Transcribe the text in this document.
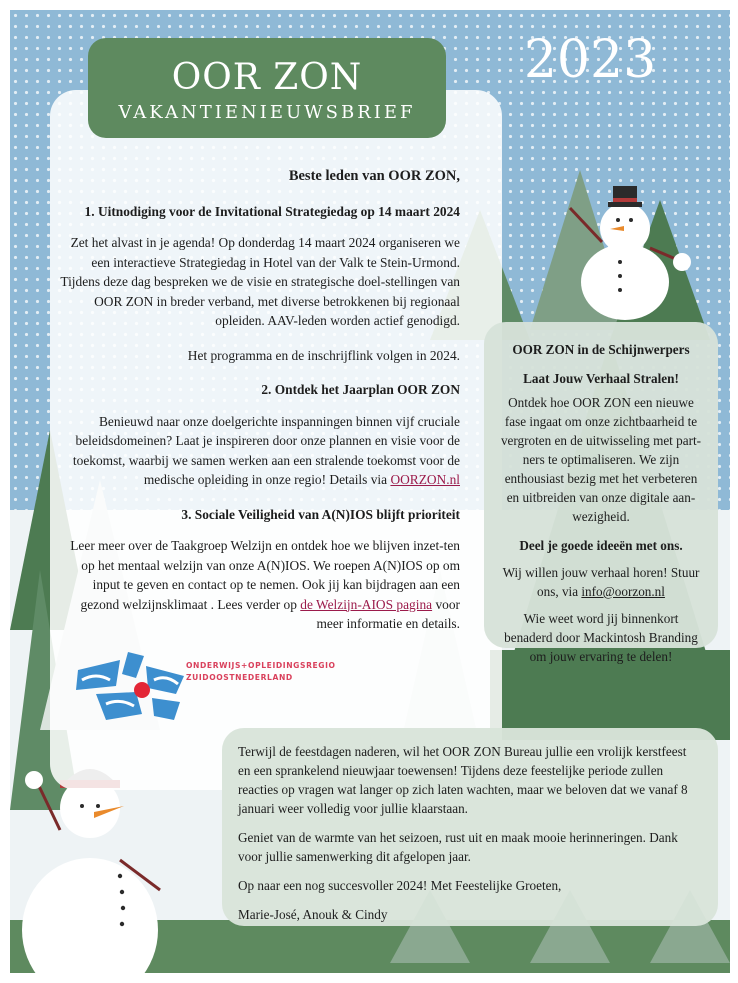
OOR ZON
VAKANTIENIEUWSBRIEF
2023

Beste leden van OOR ZON,

1. Uitnodiging voor de Invitational Strategiedag op 14 maart 2024

Zet het alvast in je agenda! Op donderdag 14 maart 2024 organiseren we een interactieve Strategiedag in Hotel van der Valk te Stein-Urmond. Tijdens deze dag bespreken we de visie en strategische doel-stellingen van OOR ZON in breder verband, met diverse betrokkenen bij regionaal opleiden. AAV-leden worden actief genodigd.

Het programma en de inschrijflink volgen in 2024.

2. Ontdek het Jaarplan OOR ZON

Benieuwd naar onze doelgerichte inspanningen binnen vijf cruciale beleidsdomeinen? Laat je inspireren door onze plannen en visie voor de toekomst, waarbij we samen werken aan een stralende toekomst voor de medische opleiding in onze regio! Details via OORZON.nl

3. Sociale Veiligheid van A(N)IOS blijft prioriteit

Leer meer over de Taakgroep Welzijn en ontdek hoe we blijven inzet-ten op het mentaal welzijn van onze A(N)IOS. We roepen A(N)IOS op om input te geven en contact op te nemen. Ook jij kan bijdragen aan een gezond welzijnsklimaat . Lees verder op de Welzijn-AIOS pagina voor meer informatie en details.

ONDERWIJS+OPLEIDINGSREGIO
ZUIDOOSTNEDERLAND

OOR ZON in de Schijnwerpers

Laat Jouw Verhaal Stralen!

Ontdek hoe OOR ZON een nieuwe fase ingaat om onze zichtbaarheid te vergroten en de uitwisseling met part-ners te optimaliseren. We zijn enthousiast bezig met het verbeteren en uitbreiden van onze digitale aan-wezigheid.

Deel je goede ideeën met ons.

Wij willen jouw verhaal horen! Stuur ons, via info@oorzon.nl

Wie weet word jij binnenkort benaderd door Mackintosh Branding om jouw ervaring te delen!

Terwijl de feestdagen naderen, wil het OOR ZON Bureau jullie een vrolijk kerstfeest en een sprankelend nieuwjaar toewensen! Tijdens deze feestelijke periode zullen reacties op vragen wat langer op zich laten wachten, maar we beloven dat we vanaf 8 januari weer volledig voor jullie klaarstaan.

Geniet van de warmte van het seizoen, rust uit en maak mooie herinneringen. Dank voor jullie samenwerking dit afgelopen jaar.

Op naar een nog succesvoller 2024! Met Feestelijke Groeten,

Marie-José, Anouk & Cindy
